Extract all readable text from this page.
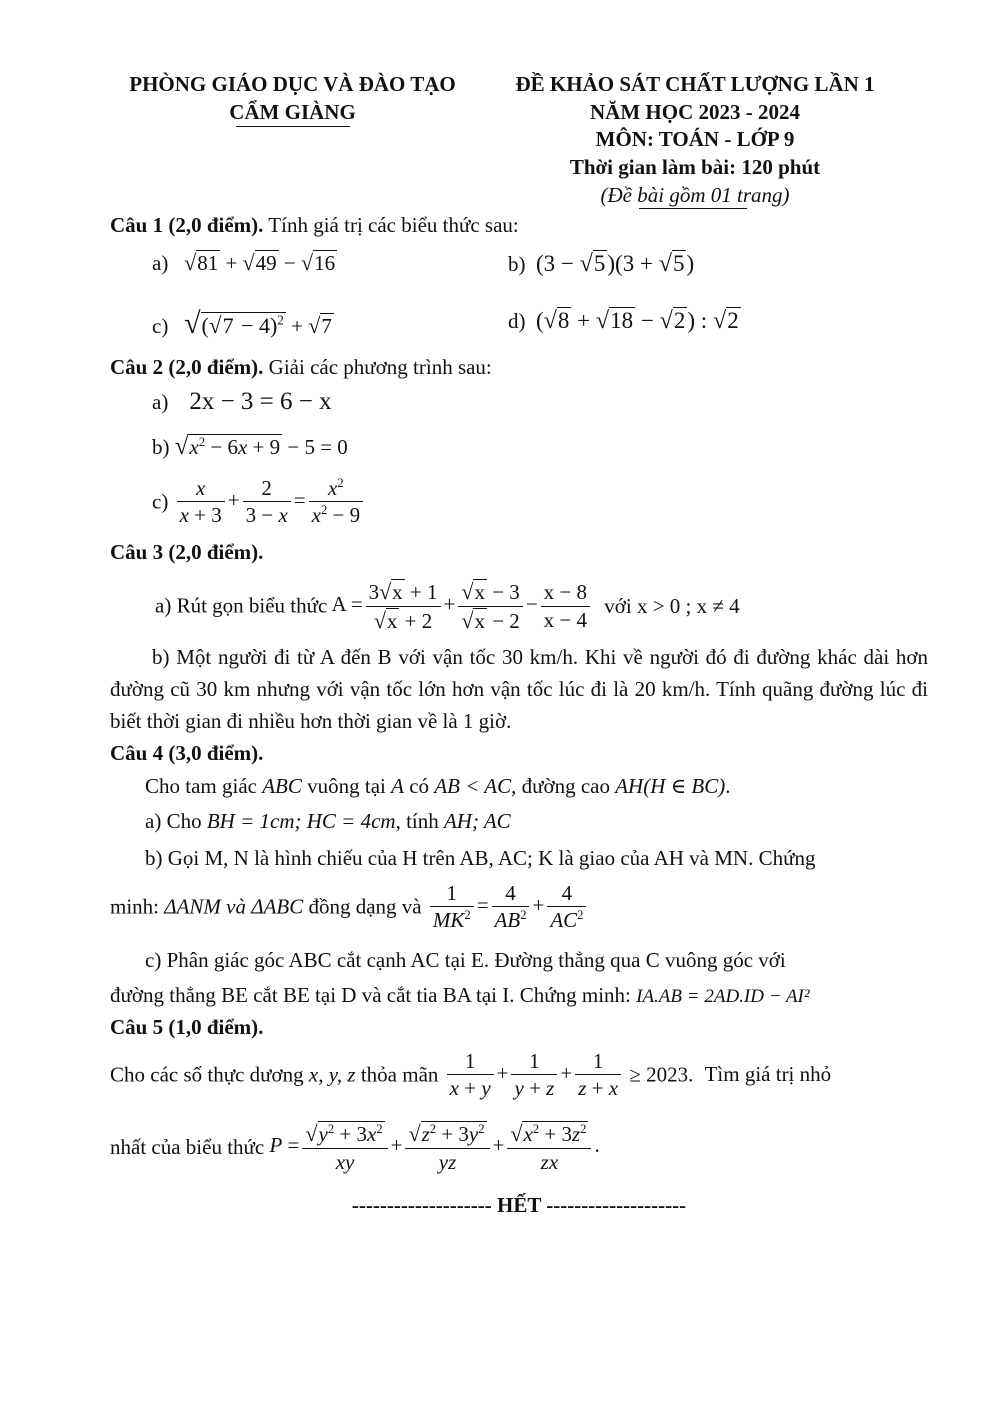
PHÒNG GIÁO DỤC VÀ ĐÀO TẠO
CẨM GIÀNG
ĐỀ KHẢO SÁT CHẤT LƯỢNG LẦN 1
NĂM HỌC 2023 - 2024
MÔN: TOÁN - LỚP 9
Thời gian làm bài: 120 phút
(Đề bài gồm 01 trang)
Câu 1 (2,0 điểm). Tính giá trị các biểu thức sau:
a) √81 + √49 − √16	b)  (3 − √5)(3 + √5)
c) $√(√7 - 4)^2 + √7$	d)  (√8 + √18 − √2) : √2
Câu 2 (2,0 điểm). Giải các phương trình sau:
a) 2x − 3 = 6 − x
b) $√x^2 - 6x + 9 - 5 = 0$
$c) \frac{x}{x + 3} + \frac{2}{3 - x} = \frac{x^2}{x^2 - 9}$
Câu 3 (2,0 điểm).
a) Rút gọn biểu thức $A = \frac{3√x + 1}{√x + 2} + \frac{√x - 3}{√x - 2} - \frac{x - 8}{x - 4}$ với x > 0 ; x ≠ 4
b) Một người đi từ A đến B với vận tốc 30 km/h. Khi về người đó đi đường khác dài hơn đường cũ 30 km nhưng với vận tốc lớn hơn vận tốc lúc đi là 20 km/h. Tính quãng đường lúc đi biết thời gian đi nhiều hơn thời gian về là 1 giờ.
Câu 4 (3,0 điểm).
Cho tam giác ABC vuông tại A có AB < AC, đường cao AH(H ∈ BC).
a) Cho BH = 1cm; HC = 4cm, tính AH; AC
b) Gọi M, N là hình chiếu của H trên AB, AC; K là giao của AH và MN. Chứng
minh: ΔANM và ΔABC đồng dạng và $\frac{1}{MK^2} = \frac{4}{AB^2} + \frac{4}{AC^2}$
c) Phân giác góc ABC cắt cạnh AC tại E. Đường thẳng qua C vuông góc với
đường thẳng BE cắt BE tại D và cắt tia BA tại I. Chứng minh: IA.AB = 2AD.ID − AI²
Câu 5 (1,0 điểm).
Cho các số thực dương x, y, z thỏa mãn $\frac{1}{x + y} + \frac{1}{y + z} + \frac{1}{z + x} \ge 2023$. Tìm giá trị nhỏ
nhất của biểu thức $P = \frac{√y^2 + 3x^2}{xy} + \frac{√z^2 + 3y^2}{yz} + \frac{√x^2 + 3z^2}{zx}$ .
-------------------- HẾT --------------------
